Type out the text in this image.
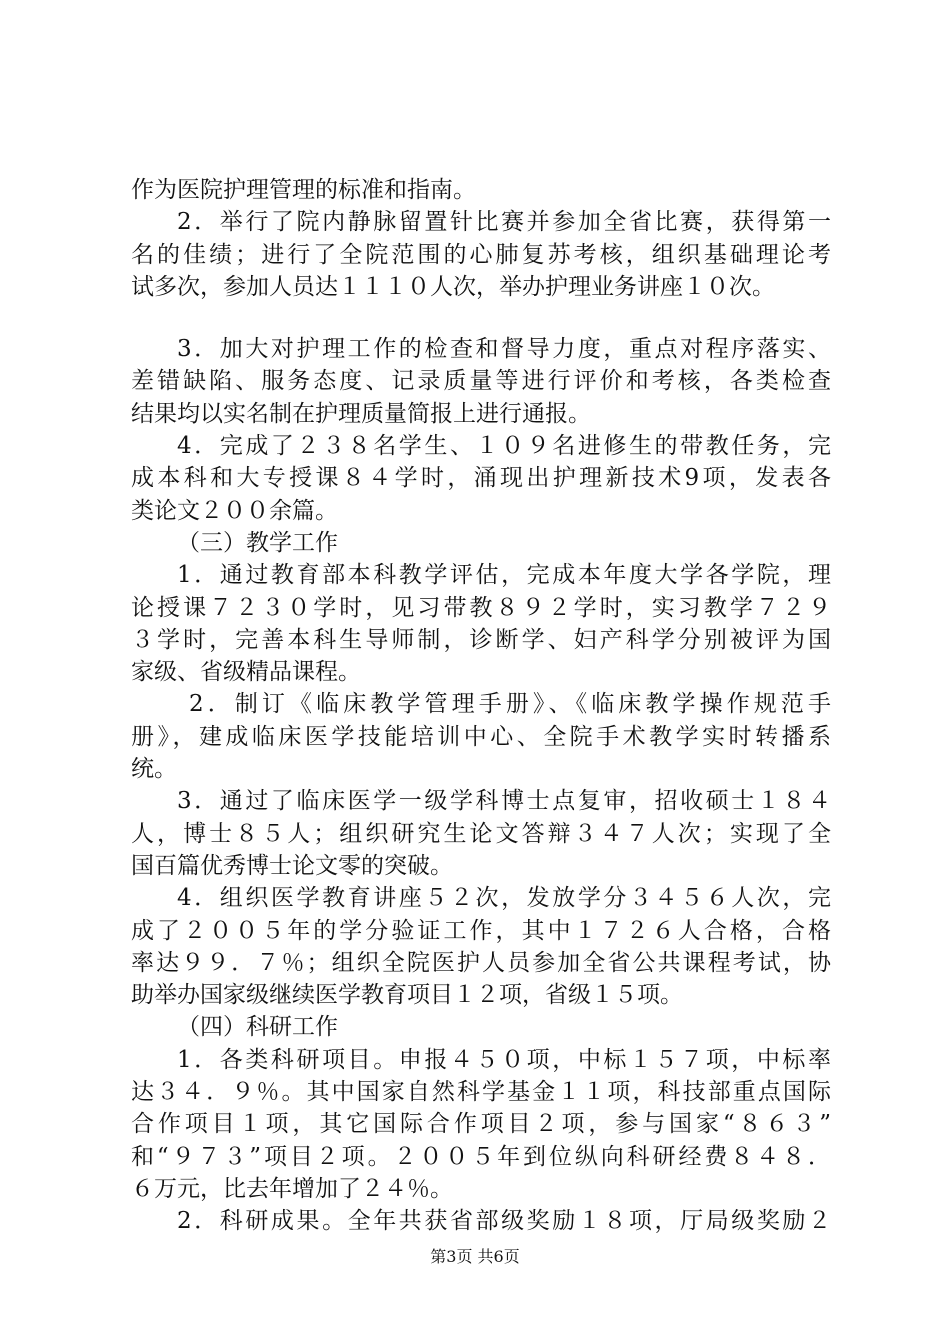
作为医院护理管理的标准和指南。
2．举行了院内静脉留置针比赛并参加全省比赛，获得第一
名的佳绩；进行了全院范围的心肺复苏考核，组织基础理论考
试多次，参加人员达１１１０人次，举办护理业务讲座１０次。
3．加大对护理工作的检查和督导力度，重点对程序落实、
差错缺陷、服务态度、记录质量等进行评价和考核，各类检查
结果均以实名制在护理质量简报上进行通报。
4．完成了２３８名学生、１０９名进修生的带教任务，完
成本科和大专授课８４学时，涌现出护理新技术9项，发表各
类论文２００余篇。
（三）教学工作
1．通过教育部本科教学评估，完成本年度大学各学院，理
论授课７２３０学时，见习带教８９２学时，实习教学７２９
３学时，完善本科生导师制，诊断学、妇产科学分别被评为国
家级、省级精品课程。
2．制订《临床教学管理手册》、《临床教学操作规范手
册》，建成临床医学技能培训中心、全院手术教学实时转播系
统。
3．通过了临床医学一级学科博士点复审，招收硕士１８４
人，博士８５人；组织研究生论文答辩３４７人次；实现了全
国百篇优秀博士论文零的突破。
4．组织医学教育讲座５２次，发放学分３４５６人次，完
成了２００５年的学分验证工作，其中１７２６人合格，合格
率达９９．７％；组织全院医护人员参加全省公共课程考试，协
助举办国家级继续医学教育项目１２项，省级１５项。
（四）科研工作
1．各类科研项目。申报４５０项，中标１５７项，中标率
达３４．９％。其中国家自然科学基金１１项，科技部重点国际
合作项目１项，其它国际合作项目２项，参与国家“８６３”
和“９７３”项目２项。２００５年到位纵向科研经费８４８．
６万元，比去年增加了２４％。
2．科研成果。全年共获省部级奖励１８项，厅局级奖励２
第3页 共6页
